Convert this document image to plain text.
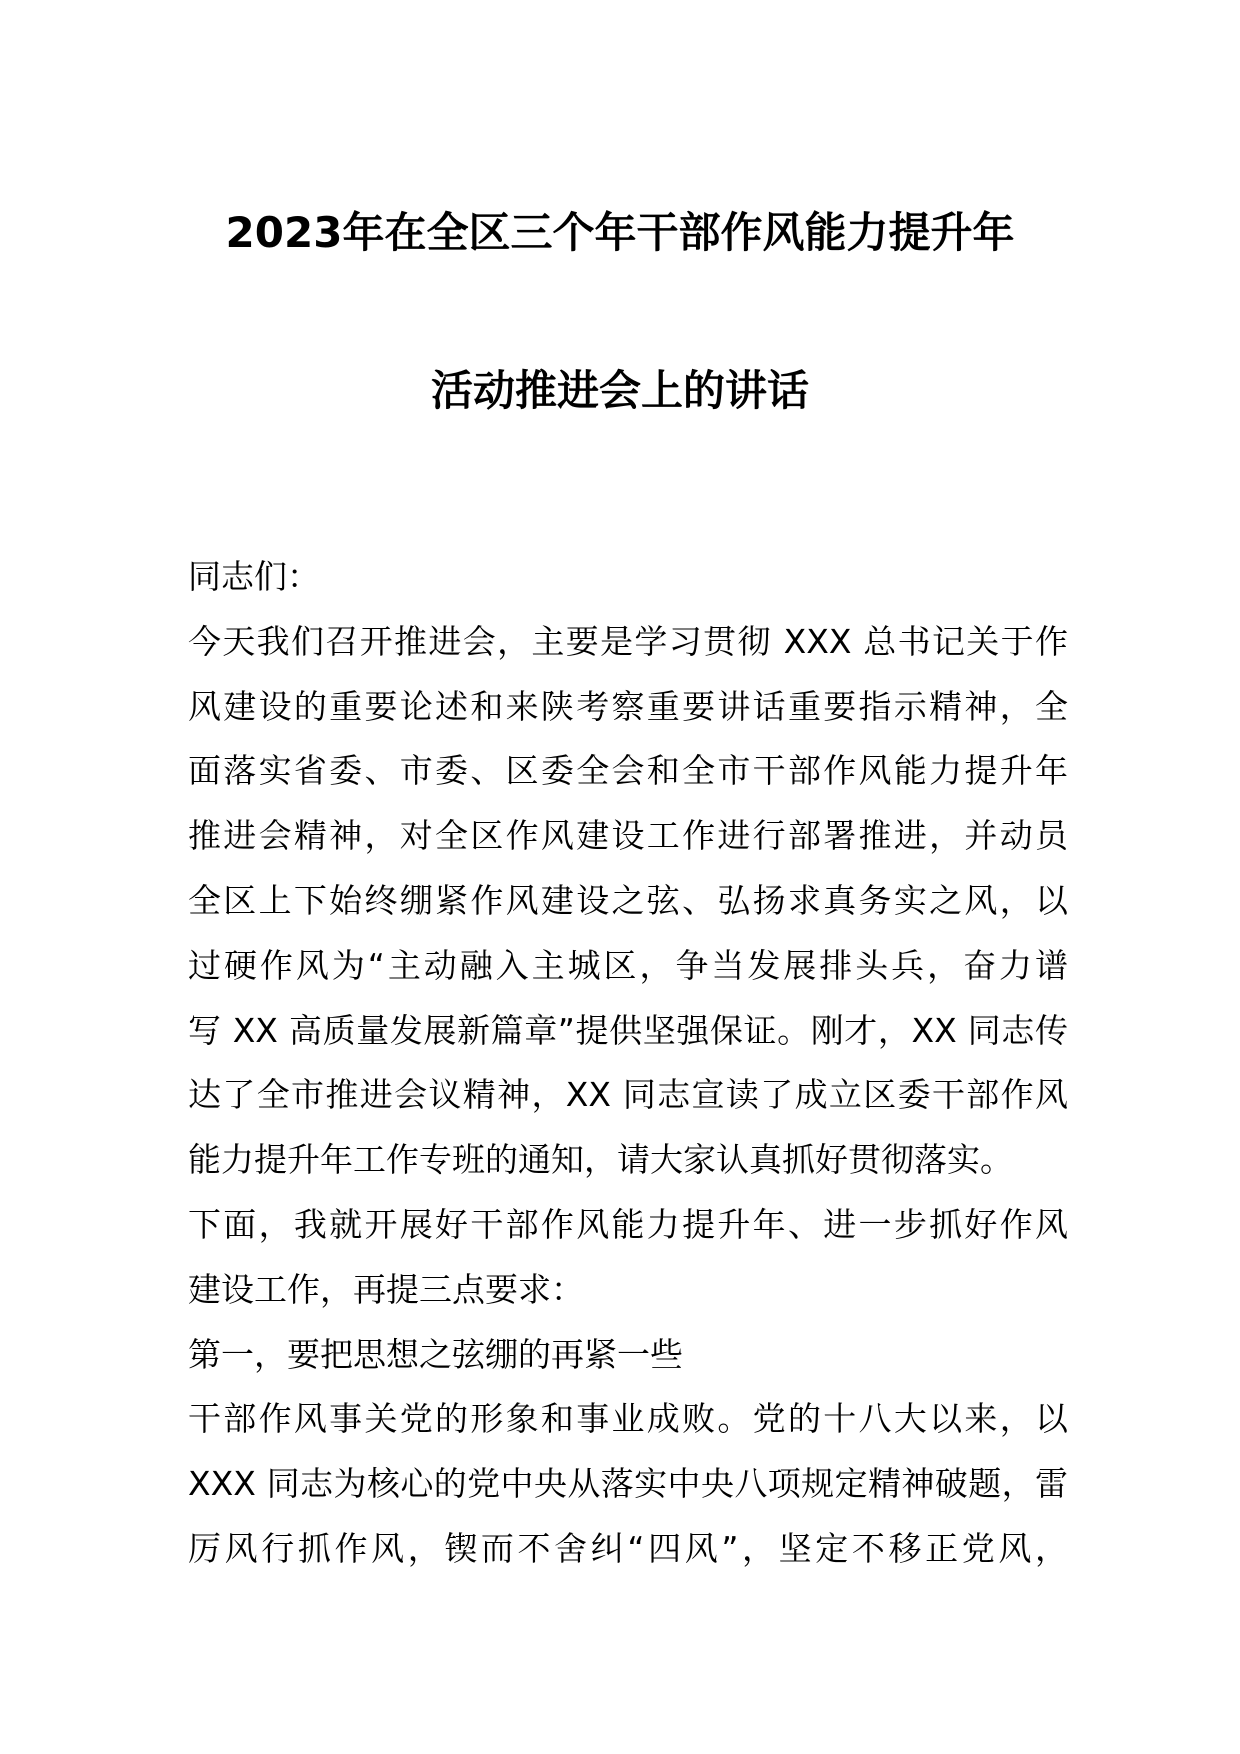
2023年在全区三个年干部作风能力提升年
活动推进会上的讲话
同志们：
今天我们召开推进会，主要是学习贯彻 XXX 总书记关于作
风建设的重要论述和来陕考察重要讲话重要指示精神，全
面落实省委、市委、区委全会和全市干部作风能力提升年
推进会精神，对全区作风建设工作进行部署推进，并动员
全区上下始终绷紧作风建设之弦、弘扬求真务实之风，以
过硬作风为“主动融入主城区，争当发展排头兵，奋力谱
写 XX 高质量发展新篇章”提供坚强保证。刚才，XX 同志传
达了全市推进会议精神，XX 同志宣读了成立区委干部作风
能力提升年工作专班的通知，请大家认真抓好贯彻落实。
下面，我就开展好干部作风能力提升年、进一步抓好作风
建设工作，再提三点要求：
第一，要把思想之弦绷的再紧一些
干部作风事关党的形象和事业成败。党的十八大以来，以
XXX 同志为核心的党中央从落实中央八项规定精神破题，雷
厉风行抓作风，锲而不舍纠“四风”，坚定不移正党风，
